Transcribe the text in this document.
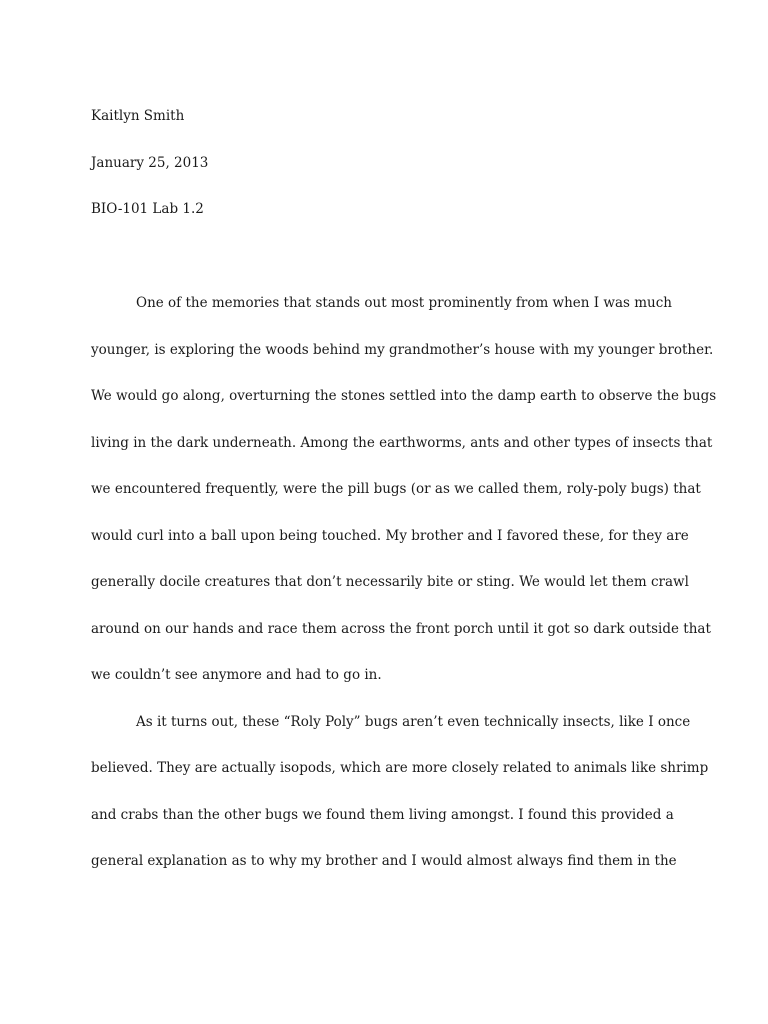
Kaitlyn Smith

January 25, 2013

BIO-101 Lab 1.2

One of the memories that stands out most prominently from when I was much
younger, is exploring the woods behind my grandmother’s house with my younger brother.
We would go along, overturning the stones settled into the damp earth to observe the bugs
living in the dark underneath. Among the earthworms, ants and other types of insects that
we encountered frequently, were the pill bugs (or as we called them, roly-poly bugs) that
would curl into a ball upon being touched. My brother and I favored these, for they are
generally docile creatures that don’t necessarily bite or sting. We would let them crawl
around on our hands and race them across the front porch until it got so dark outside that
we couldn’t see anymore and had to go in.
As it turns out, these “Roly Poly” bugs aren’t even technically insects, like I once
believed. They are actually isopods, which are more closely related to animals like shrimp
and crabs than the other bugs we found them living amongst. I found this provided a
general explanation as to why my brother and I would almost always find them in the
